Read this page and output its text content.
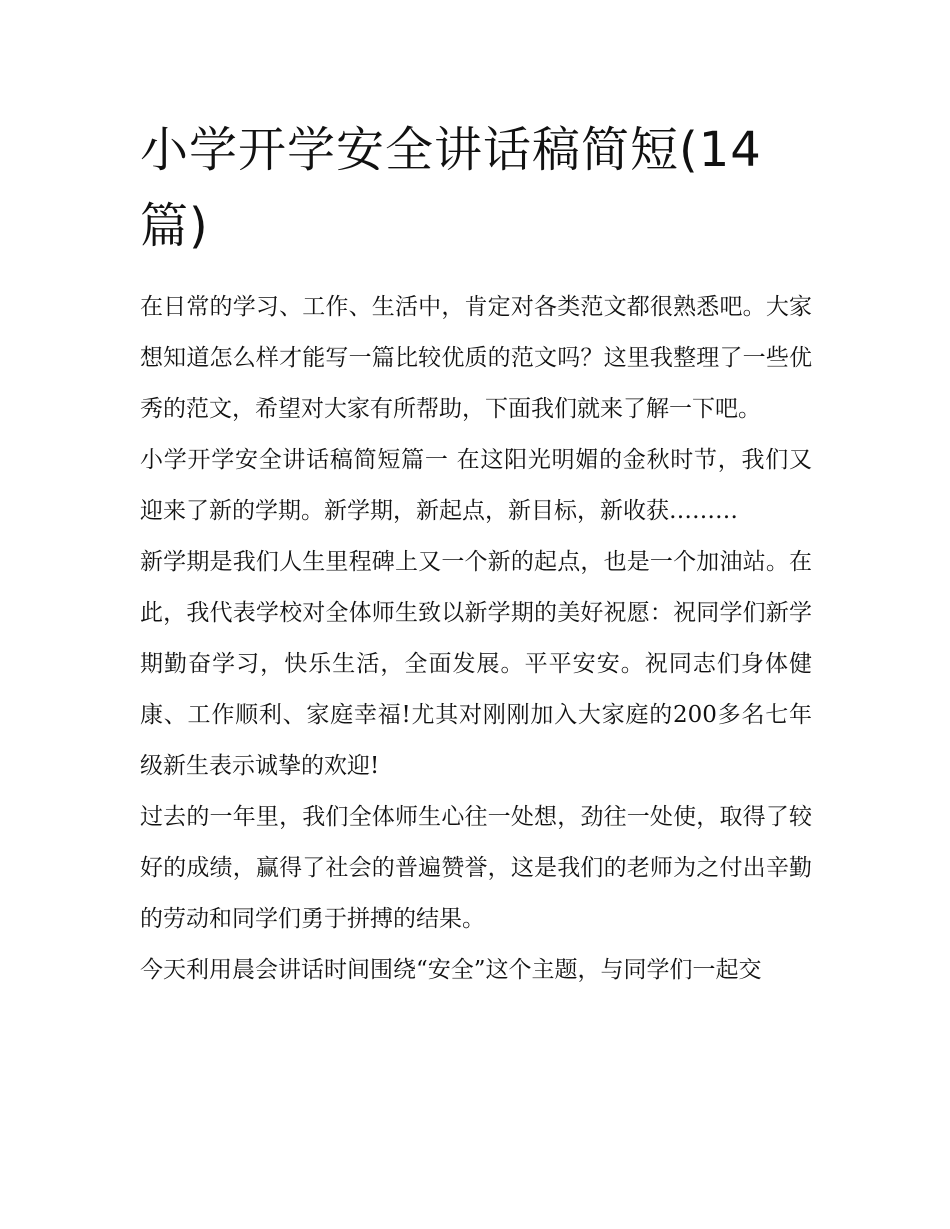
小学开学安全讲话稿简短(14篇)

在日常的学习、工作、生活中，肯定对各类范文都很熟悉吧。大家想知道怎么样才能写一篇比较优质的范文吗？这里我整理了一些优秀的范文，希望对大家有所帮助，下面我们就来了解一下吧。

小学开学安全讲话稿简短篇一 在这阳光明媚的金秋时节，我们又迎来了新的学期。新学期，新起点，新目标，新收获………

新学期是我们人生里程碑上又一个新的起点，也是一个加油站。在此，我代表学校对全体师生致以新学期的美好祝愿：祝同学们新学期勤奋学习，快乐生活，全面发展。平平安安。祝同志们身体健康、工作顺利、家庭幸福!尤其对刚刚加入大家庭的200多名七年级新生表示诚挚的欢迎!

过去的一年里，我们全体师生心往一处想，劲往一处使，取得了较好的成绩，赢得了社会的普遍赞誉，这是我们的老师为之付出辛勤的劳动和同学们勇于拼搏的结果。

今天利用晨会讲话时间围绕“安全”这个主题，与同学们一起交
